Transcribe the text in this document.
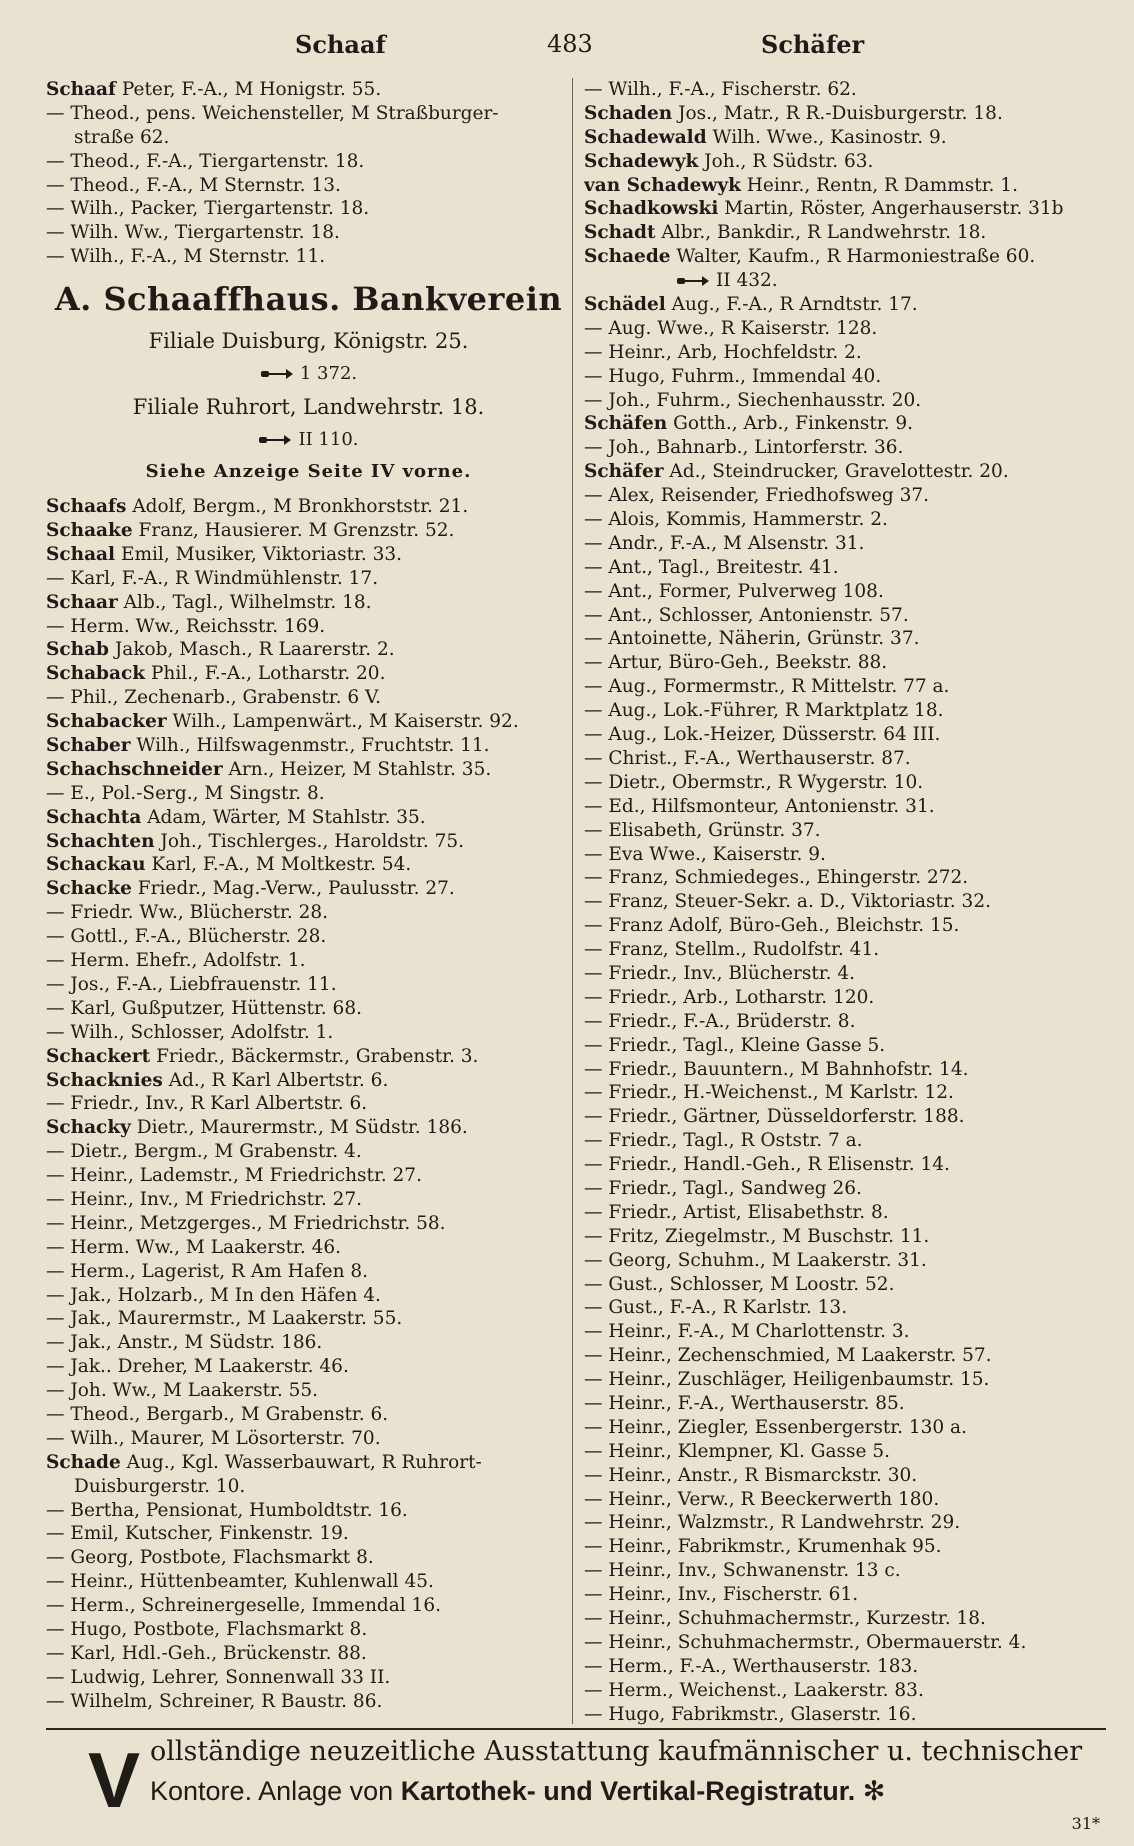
Schaaf	483	Schäfer
Schaaf Peter, F.-A., M Honigstr. 55.
— Theod., pens. Weichensteller, M Straßburger-
straße 62.
— Theod., F.-A., Tiergartenstr. 18.
— Theod., F.-A., M Sternstr. 13.
— Wilh., Packer, Tiergartenstr. 18.
— Wilh. Ww., Tiergartenstr. 18.
— Wilh., F.-A., M Sternstr. 11.
A. Schaaffhaus. Bankverein
Filiale Duisburg, Königstr. 25.
1 372.
Filiale Ruhrort, Landwehrstr. 18.
II 110.
Siehe Anzeige Seite IV vorne.
Schaafs Adolf, Bergm., M Bronkhorststr. 21.
Schaake Franz, Hausierer. M Grenzstr. 52.
Schaal Emil, Musiker, Viktoriastr. 33.
— Karl, F.-A., R Windmühlenstr. 17.
Schaar Alb., Tagl., Wilhelmstr. 18.
— Herm. Ww., Reichsstr. 169.
Schab Jakob, Masch., R Laarerstr. 2.
Schaback Phil., F.-A., Lotharstr. 20.
— Phil., Zechenarb., Grabenstr. 6 V.
Schabacker Wilh., Lampenwärt., M Kaiserstr. 92.
Schaber Wilh., Hilfswagenmstr., Fruchtstr. 11.
Schachschneider Arn., Heizer, M Stahlstr. 35.
— E., Pol.-Serg., M Singstr. 8.
Schachta Adam, Wärter, M Stahlstr. 35.
Schachten Joh., Tischlerges., Haroldstr. 75.
Schackau Karl, F.-A., M Moltkestr. 54.
Schacke Friedr., Mag.-Verw., Paulusstr. 27.
— Friedr. Ww., Blücherstr. 28.
— Gottl., F.-A., Blücherstr. 28.
— Herm. Ehefr., Adolfstr. 1.
— Jos., F.-A., Liebfrauenstr. 11.
— Karl, Gußputzer, Hüttenstr. 68.
— Wilh., Schlosser, Adolfstr. 1.
Schackert Friedr., Bäckermstr., Grabenstr. 3.
Schacknies Ad., R Karl Albertstr. 6.
— Friedr., Inv., R Karl Albertstr. 6.
Schacky Dietr., Maurermstr., M Südstr. 186.
— Dietr., Bergm., M Grabenstr. 4.
— Heinr., Lademstr., M Friedrichstr. 27.
— Heinr., Inv., M Friedrichstr. 27.
— Heinr., Metzgerges., M Friedrichstr. 58.
— Herm. Ww., M Laakerstr. 46.
— Herm., Lagerist, R Am Hafen 8.
— Jak., Holzarb., M In den Häfen 4.
— Jak., Maurermstr., M Laakerstr. 55.
— Jak., Anstr., M Südstr. 186.
— Jak.. Dreher, M Laakerstr. 46.
— Joh. Ww., M Laakerstr. 55.
— Theod., Bergarb., M Grabenstr. 6.
— Wilh., Maurer, M Lösorterstr. 70.
Schade Aug., Kgl. Wasserbauwart, R Ruhrort-
Duisburgerstr. 10.
— Bertha, Pensionat, Humboldtstr. 16.
— Emil, Kutscher, Finkenstr. 19.
— Georg, Postbote, Flachsmarkt 8.
— Heinr., Hüttenbeamter, Kuhlenwall 45.
— Herm., Schreinergeselle, Immendal 16.
— Hugo, Postbote, Flachsmarkt 8.
— Karl, Hdl.-Geh., Brückenstr. 88.
— Ludwig, Lehrer, Sonnenwall 33 II.
— Wilhelm, Schreiner, R Baustr. 86.
— Wilh., F.-A., Fischerstr. 62.
Schaden Jos., Matr., R R.-Duisburgerstr. 18.
Schadewald Wilh. Wwe., Kasinostr. 9.
Schadewyk Joh., R Südstr. 63.
van Schadewyk Heinr., Rentn, R Dammstr. 1.
Schadkowski Martin, Röster, Angerhauserstr. 31b
Schadt Albr., Bankdir., R Landwehrstr. 18.
Schaede Walter, Kaufm., R Harmoniestraße 60.
II 432.
Schädel Aug., F.-A., R Arndtstr. 17.
— Aug. Wwe., R Kaiserstr. 128.
— Heinr., Arb, Hochfeldstr. 2.
— Hugo, Fuhrm., Immendal 40.
— Joh., Fuhrm., Siechenhausstr. 20.
Schäfen Gotth., Arb., Finkenstr. 9.
— Joh., Bahnarb., Lintorferstr. 36.
Schäfer Ad., Steindrucker, Gravelottestr. 20.
— Alex, Reisender, Friedhofsweg 37.
— Alois, Kommis, Hammerstr. 2.
— Andr., F.-A., M Alsenstr. 31.
— Ant., Tagl., Breitestr. 41.
— Ant., Former, Pulverweg 108.
— Ant., Schlosser, Antonienstr. 57.
— Antoinette, Näherin, Grünstr. 37.
— Artur, Büro-Geh., Beekstr. 88.
— Aug., Formermstr., R Mittelstr. 77 a.
— Aug., Lok.-Führer, R Marktplatz 18.
— Aug., Lok.-Heizer, Düsserstr. 64 III.
— Christ., F.-A., Werthauserstr. 87.
— Dietr., Obermstr., R Wygerstr. 10.
— Ed., Hilfsmonteur, Antonienstr. 31.
— Elisabeth, Grünstr. 37.
— Eva Wwe., Kaiserstr. 9.
— Franz, Schmiedeges., Ehingerstr. 272.
— Franz, Steuer-Sekr. a. D., Viktoriastr. 32.
— Franz Adolf, Büro-Geh., Bleichstr. 15.
— Franz, Stellm., Rudolfstr. 41.
— Friedr., Inv., Blücherstr. 4.
— Friedr., Arb., Lotharstr. 120.
— Friedr., F.-A., Brüderstr. 8.
— Friedr., Tagl., Kleine Gasse 5.
— Friedr., Bauuntern., M Bahnhofstr. 14.
— Friedr., H.-Weichenst., M Karlstr. 12.
— Friedr., Gärtner, Düsseldorferstr. 188.
— Friedr., Tagl., R Oststr. 7 a.
— Friedr., Handl.-Geh., R Elisenstr. 14.
— Friedr., Tagl., Sandweg 26.
— Friedr., Artist, Elisabethstr. 8.
— Fritz, Ziegelmstr., M Buschstr. 11.
— Georg, Schuhm., M Laakerstr. 31.
— Gust., Schlosser, M Loostr. 52.
— Gust., F.-A., R Karlstr. 13.
— Heinr., F.-A., M Charlottenstr. 3.
— Heinr., Zechenschmied, M Laakerstr. 57.
— Heinr., Zuschläger, Heiligenbaumstr. 15.
— Heinr., F.-A., Werthauserstr. 85.
— Heinr., Ziegler, Essenbergerstr. 130 a.
— Heinr., Klempner, Kl. Gasse 5.
— Heinr., Anstr., R Bismarckstr. 30.
— Heinr., Verw., R Beeckerwerth 180.
— Heinr., Walzmstr., R Landwehrstr. 29.
— Heinr., Fabrikmstr., Krumenhak 95.
— Heinr., Inv., Schwanenstr. 13 c.
— Heinr., Inv., Fischerstr. 61.
— Heinr., Schuhmachermstr., Kurzestr. 18.
— Heinr., Schuhmachermstr., Obermauerstr. 4.
— Herm., F.-A., Werthauserstr. 183.
— Herm., Weichenst., Laakerstr. 83.
— Hugo, Fabrikmstr., Glaserstr. 16.
V ollständige neuzeitliche Ausstattung kaufmännischer u. technischer
Kontore. Anlage von Kartothek- und Vertikal-Registratur. ✻
31*
